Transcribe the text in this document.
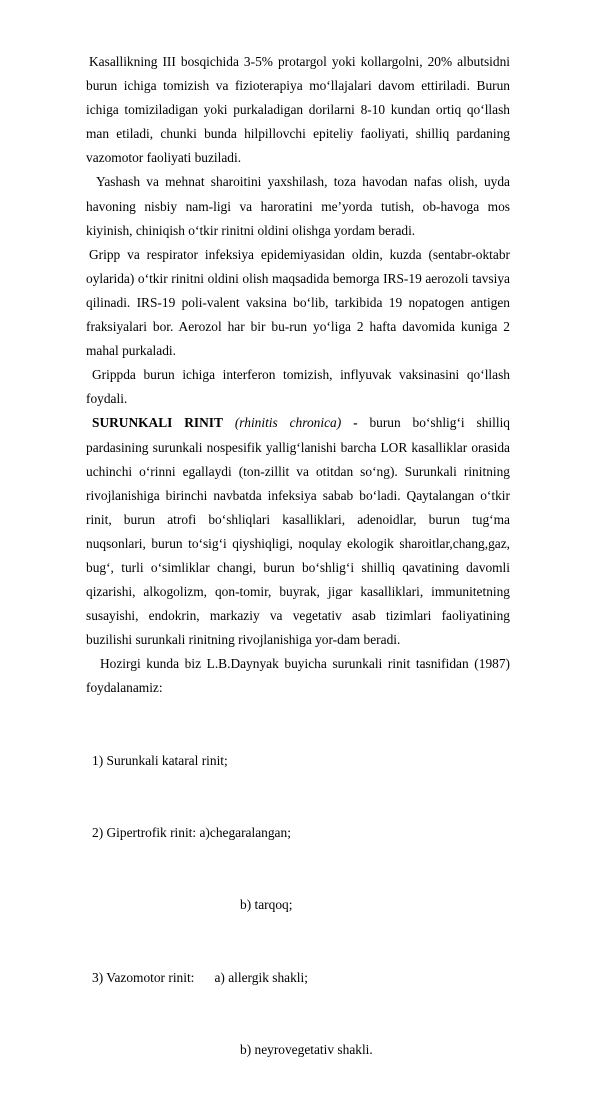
Kasallikning III bosqichida 3-5% protargol yoki kollargolni, 20% albutsidni burun ichiga tomizish va fizioterapiya mo‘llajalari davom ettiriladi. Burun ichiga tomiziladigan yoki purkaladigan dorilarni 8-10 kundan ortiq qo‘llash man etiladi, chunki bunda hilpillovchi epiteliy faoliyati, shilliq pardaning vazomotor faoliyati buziladi.

Yashash va mehnat sharoitini yaxshilash, toza havodan nafas olish, uyda havoning nisbiy nam-ligi va haroratini me’yorda tutish, ob-havoga mos kiyinish, chiniqish o‘tkir rinitni oldini olishga yordam beradi.

Gripp va respirator infeksiya epidemiyasidan oldin, kuzda (sentabr-oktabr oylarida) o‘tkir rinitni oldini olish maqsadida bemorga IRS-19 aerozoli tavsiya qilinadi. IRS-19 poli-valent vaksina bo‘lib, tarkibida 19 nopatogen antigen fraksiyalari bor. Aerozol har bir bu-run yo‘liga 2 hafta davomida kuniga 2 mahal purkaladi.

Grippda burun ichiga interferon tomizish, inflyuvak vaksinasini qo‘llash foydali.

SURUNKALI RINIT (rhinitis chronica) - burun bo‘shlig‘i shilliq pardasining surunkali nospesifik yallig‘lanishi barcha LOR kasalliklar orasida uchinchi o‘rinni egallaydi (ton-zillit va otitdan so‘ng). Surunkali rinitning rivojlanishiga birinchi navbatda infeksiya sabab bo‘ladi. Qaytalangan o‘tkir rinit, burun atrofi bo‘shliqlari kasalliklari, adenoidlar, burun tug‘ma nuqsonlari, burun to‘sig‘i qiyshiqligi, noqulay ekologik sharoitlar,chang,gaz, bug‘, turli o‘simliklar changi, burun bo‘shlig‘i shilliq qavatining davomli qizarishi, alkogolizm, qon-tomir, buyrak, jigar kasalliklari, immunitetning susayishi, endokrin, markaziy va vegetativ asab tizimlari faoliyatining buzilishi surunkali rinitning rivojlanishiga yor-dam beradi.

Hozirgi kunda biz L.B.Daynyak buyicha surunkali rinit tasnifidan (1987) foydalanamiz:

1) Surunkali kataral rinit;

2) Gipertrofik rinit: a)chegaralangan;

b) tarqoq;

3) Vazomotor rinit:      a) allergik shakli;

b) neyrovegetativ shakli.
